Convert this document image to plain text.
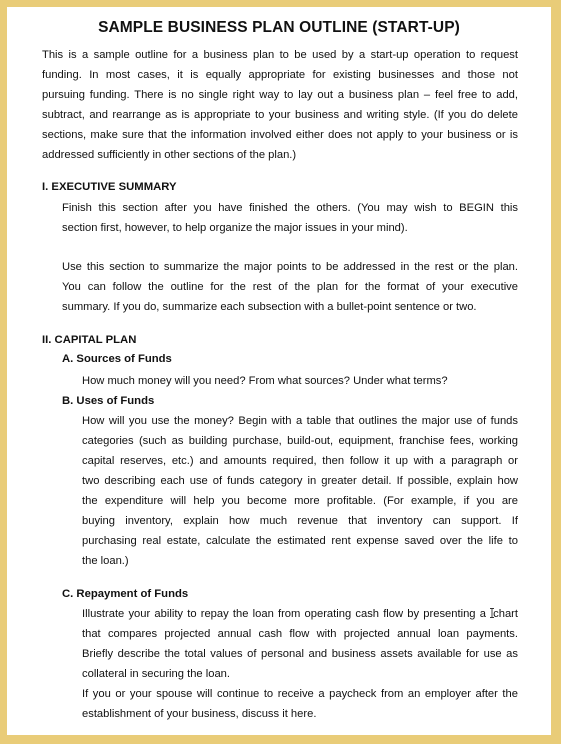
SAMPLE BUSINESS PLAN OUTLINE (START-UP)
This is a sample outline for a business plan to be used by a start-up operation to request
funding. In most cases, it is equally appropriate for existing businesses and those not
pursuing funding. There is no single right way to lay out a business plan – feel free to add,
subtract, and rearrange as is appropriate to your business and writing style. (If you do delete
sections, make sure that the information involved either does not apply to your business or is
addressed sufficiently in other sections of the plan.)
I. EXECUTIVE SUMMARY
Finish this section after you have finished the others. (You may wish to BEGIN this
section first, however, to help organize the major issues in your mind).
Use this section to summarize the major points to be addressed in the rest or the plan.
You can follow the outline for the rest of the plan for the format of your executive
summary. If you do, summarize each subsection with a bullet-point sentence or two.
II. CAPITAL PLAN
A. Sources of Funds
How much money will you need? From what sources? Under what terms?
B. Uses of Funds
How will you use the money? Begin with a table that outlines the major use of funds
categories (such as building purchase, build-out, equipment, franchise fees, working
capital reserves, etc.) and amounts required, then follow it up with a paragraph or
two describing each use of funds category in greater detail. If possible, explain how
the expenditure will help you become more profitable. (For example, if you are
buying inventory, explain how much revenue that inventory can support. If
purchasing real estate, calculate the estimated rent expense saved over the life to
the loan.)
C. Repayment of Funds
Illustrate your ability to repay the loan from operating cash flow by presenting a chart
that compares projected annual cash flow with projected annual loan payments.
Briefly describe the total values of personal and business assets available for use as
collateral in securing the loan.
If you or your spouse will continue to receive a paycheck from an employer after the
establishment of your business, discuss it here.
